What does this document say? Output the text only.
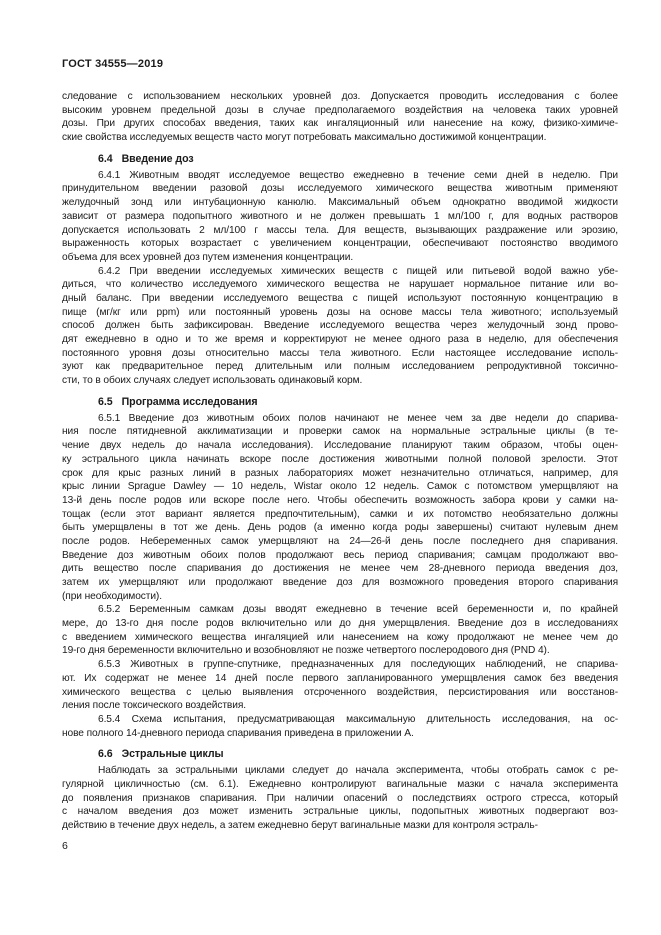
ГОСТ 34555—2019
следование с использованием нескольких уровней доз. Допускается проводить исследования с более
высоким уровнем предельной дозы в случае предполагаемого воздействия на человека таких уровней
дозы. При других способах введения, таких как ингаляционный или нанесение на кожу, физико-химиче-
ские свойства исследуемых веществ часто могут потребовать максимально достижимой концентрации.
6.4 Введение доз
6.4.1 Животным вводят исследуемое вещество ежедневно в течение семи дней в неделю. При
принудительном введении разовой дозы исследуемого химического вещества животным применяют
желудочный зонд или интубационную канюлю. Максимальный объем однократно вводимой жидкости
зависит от размера подопытного животного и не должен превышать 1 мл/100 г, для водных растворов
допускается использовать 2 мл/100 г массы тела. Для веществ, вызывающих раздражение или эрозию,
выраженность которых возрастает с увеличением концентрации, обеспечивают постоянство вводимого
объема для всех уровней доз путем изменения концентрации.
6.4.2 При введении исследуемых химических веществ с пищей или питьевой водой важно убе-
диться, что количество исследуемого химического вещества не нарушает нормальное питание или во-
дный баланс. При введении исследуемого вещества с пищей используют постоянную концентрацию в
пище (мг/кг или ppm) или постоянный уровень дозы на основе массы тела животного; используемый
способ должен быть зафиксирован. Введение исследуемого вещества через желудочный зонд прово-
дят ежедневно в одно и то же время и корректируют не менее одного раза в неделю, для обеспечения
постоянного уровня дозы относительно массы тела животного. Если настоящее исследование исполь-
зуют как предварительное перед длительным или полным исследованием репродуктивной токсично-
сти, то в обоих случаях следует использовать одинаковый корм.
6.5 Программа исследования
6.5.1 Введение доз животным обоих полов начинают не менее чем за две недели до спарива-
ния после пятидневной акклиматизации и проверки самок на нормальные эстральные циклы (в те-
чение двух недель до начала исследования). Исследование планируют таким образом, чтобы оцен-
ку эстрального цикла начинать вскоре после достижения животными полной половой зрелости. Этот
срок для крыс разных линий в разных лабораториях может незначительно отличаться, например, для
крыс линии Sprague Dawley — 10 недель, Wistar около 12 недель. Самок с потомством умерщвляют на
13-й день после родов или вскоре после него. Чтобы обеспечить возможность забора крови у самки на-
тощак (если этот вариант является предпочтительным), самки и их потомство необязательно должны
быть умерщвлены в тот же день. День родов (а именно когда роды завершены) считают нулевым днем
после родов. Небеременных самок умерщвляют на 24—26-й день после последнего дня спаривания.
Введение доз животным обоих полов продолжают весь период спаривания; самцам продолжают вво-
дить вещество после спаривания до достижения не менее чем 28-дневного периода введения доз,
затем их умерщвляют или продолжают введение доз для возможного проведения второго спаривания
(при необходимости).
6.5.2 Беременным самкам дозы вводят ежедневно в течение всей беременности и, по крайней
мере, до 13-го дня после родов включительно или до дня умерщвления. Введение доз в исследованиях
с введением химического вещества ингаляцией или нанесением на кожу продолжают не менее чем до
19-го дня беременности включительно и возобновляют не позже четвертого послеродового дня (PND 4).
6.5.3 Животных в группе-спутнике, предназначенных для последующих наблюдений, не спарива-
ют. Их содержат не менее 14 дней после первого запланированного умерщвления самок без введения
химического вещества с целью выявления отсроченного воздействия, персистирования или восстанов-
ления после токсического воздействия.
6.5.4 Схема испытания, предусматривающая максимальную длительность исследования, на ос-
нове полного 14-дневного периода спаривания приведена в приложении А.
6.6 Эстральные циклы
Наблюдать за эстральными циклами следует до начала эксперимента, чтобы отобрать самок с ре-
гулярной цикличностью (см. 6.1). Ежедневно контролируют вагинальные мазки с начала эксперимента
до появления признаков спаривания. При наличии опасений о последствиях острого стресса, который
с началом введения доз может изменить эстральные циклы, подопытных животных подвергают воз-
действию в течение двух недель, а затем ежедневно берут вагинальные мазки для контроля эстраль-
6
